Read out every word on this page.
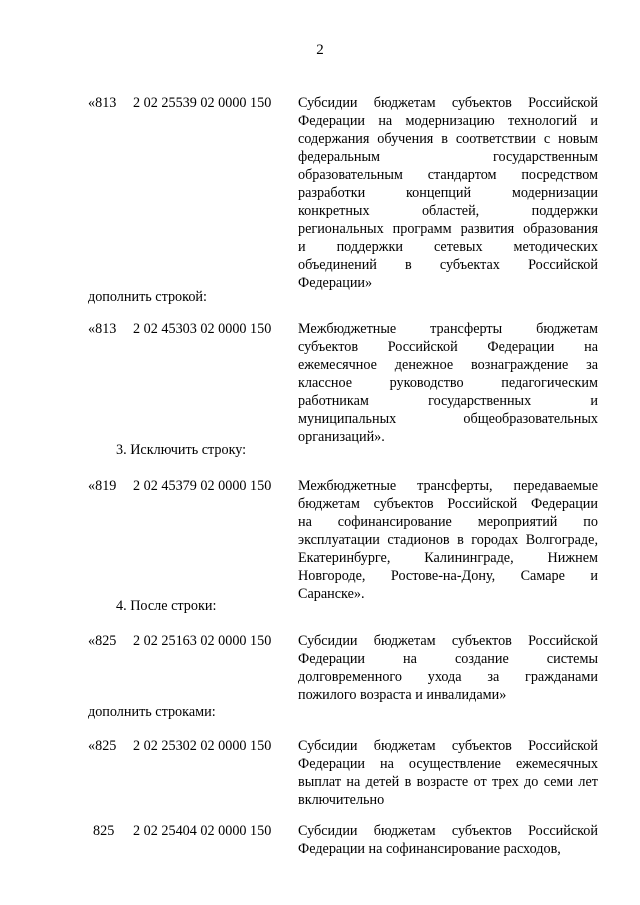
2
«813 2 02 25539 02 0000 150 Субсидии бюджетам субъектов Российской
Федерации на модернизацию технологий и
содержания обучения в соответствии с новым
федеральным государственным
образовательным стандартом посредством
разработки концепций модернизации
конкретных областей, поддержки
региональных программ развития образования
и поддержки сетевых методических
объединений в субъектах Российской
Федерации»
дополнить строкой:
«813 2 02 45303 02 0000 150 Межбюджетные трансферты бюджетам
субъектов Российской Федерации на
ежемесячное денежное вознаграждение за
классное руководство педагогическим
работникам государственных и
муниципальных общеобразовательных
организаций».
3. Исключить строку:
«819 2 02 45379 02 0000 150 Межбюджетные трансферты, передаваемые
бюджетам субъектов Российской Федерации
на софинансирование мероприятий по
эксплуатации стадионов в городах Волгограде,
Екатеринбурге, Калининграде, Нижнем
Новгороде, Ростове-на-Дону, Самаре и
Саранске».
4. После строки:
«825 2 02 25163 02 0000 150 Субсидии бюджетам субъектов Российской
Федерации на создание системы
долговременного ухода за гражданами
пожилого возраста и инвалидами»
дополнить строками:
«825 2 02 25302 02 0000 150 Субсидии бюджетам субъектов Российской
Федерации на осуществление ежемесячных
выплат на детей в возрасте от трех до семи лет
включительно
825 2 02 25404 02 0000 150 Субсидии бюджетам субъектов Российской
Федерации на софинансирование расходов,
